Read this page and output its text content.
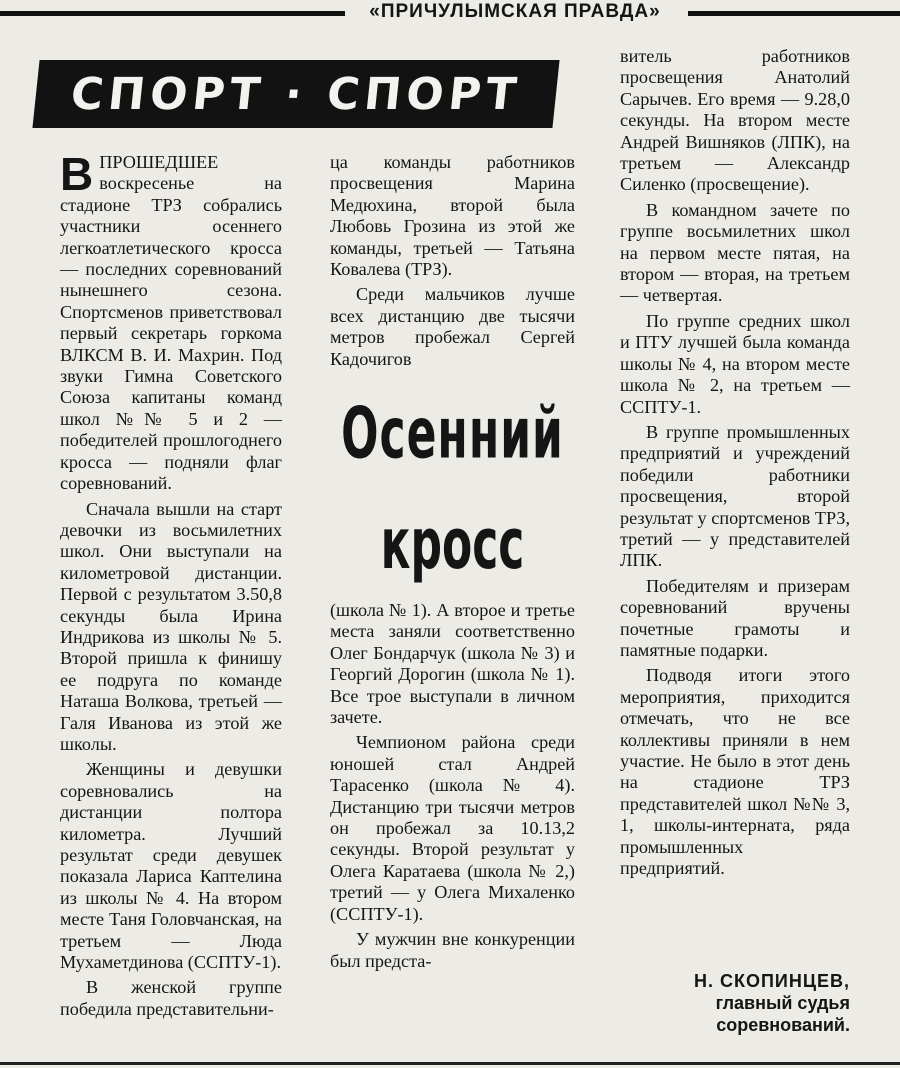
«ПРИЧУЛЫМСКАЯ ПРАВДА»
СПОРТ · СПОРТ

ВПРОШЕДШЕЕ воскресенье на стадионе ТРЗ собрались участники осеннего легкоатлетического кросса — последних соревнований нынешнего сезона. Спортсменов приветствовал первый секретарь горкома ВЛКСМ В. И. Махрин. Под звуки Гимна Советского Союза капитаны команд школ №№ 5 и 2 — победителей прошлогоднего кросса — подняли флаг соревнований.

Сначала вышли на старт девочки из восьмилетних школ. Они выступали на километровой дистанции. Первой с результатом 3.50,8 секунды была Ирина Индрикова из школы № 5. Второй пришла к финишу ее подруга по команде Наташа Волкова, третьей — Галя Иванова из этой же школы.

Женщины и девушки соревновались на дистанции полтора километра. Лучший результат среди девушек показала Лариса Каптелина из школы № 4. На втором месте Таня Головчанская, на третьем — Люда Мухаметдинова (ССПТУ-1).

В женской группе победила представительни-

ца команды работников просвещения Марина Медюхина, второй была Любовь Грозина из этой же команды, третьей — Татьяна Ковалева (ТРЗ).

Среди мальчиков лучше всех дистанцию две тысячи метров пробежал Сергей Кадочигов

Осенний
кросс

(школа № 1). А второе и третье места заняли соответственно Олег Бондарчук (школа № 3) и Георгий Дорогин (школа № 1). Все трое выступали в личном зачете.

Чемпионом района среди юношей стал Андрей Тарасенко (школа № 4). Дистанцию три тысячи метров он пробежал за 10.13,2 секунды. Второй результат у Олега Каратаева (школа № 2,) третий — у Олега Михаленко (ССПТУ-1).

У мужчин вне конкуренции был предста-

витель работников просвещения Анатолий Сарычев. Его время — 9.28,0 секунды. На втором месте Андрей Вишняков (ЛПК), на третьем — Александр Силенко (просвещение).

В командном зачете по группе восьмилетних школ на первом месте пятая, на втором — вторая, на третьем — четвертая.

По группе средних школ и ПТУ лучшей была команда школы № 4, на втором месте школа № 2, на третьем — ССПТУ-1.

В группе промышленных предприятий и учреждений победили работники просвещения, второй результат у спортсменов ТРЗ, третий — у представителей ЛПК.

Победителям и призерам соревнований вручены почетные грамоты и памятные подарки.

Подводя итоги этого мероприятия, приходится отмечать, что не все коллективы приняли в нем участие. Не было в этот день на стадионе ТРЗ представителей школ №№ 3, 1, школы-интерната, ряда промышленных предприятий.

Н. СКОПИНЦЕВ,
главный судья
соревнований.
